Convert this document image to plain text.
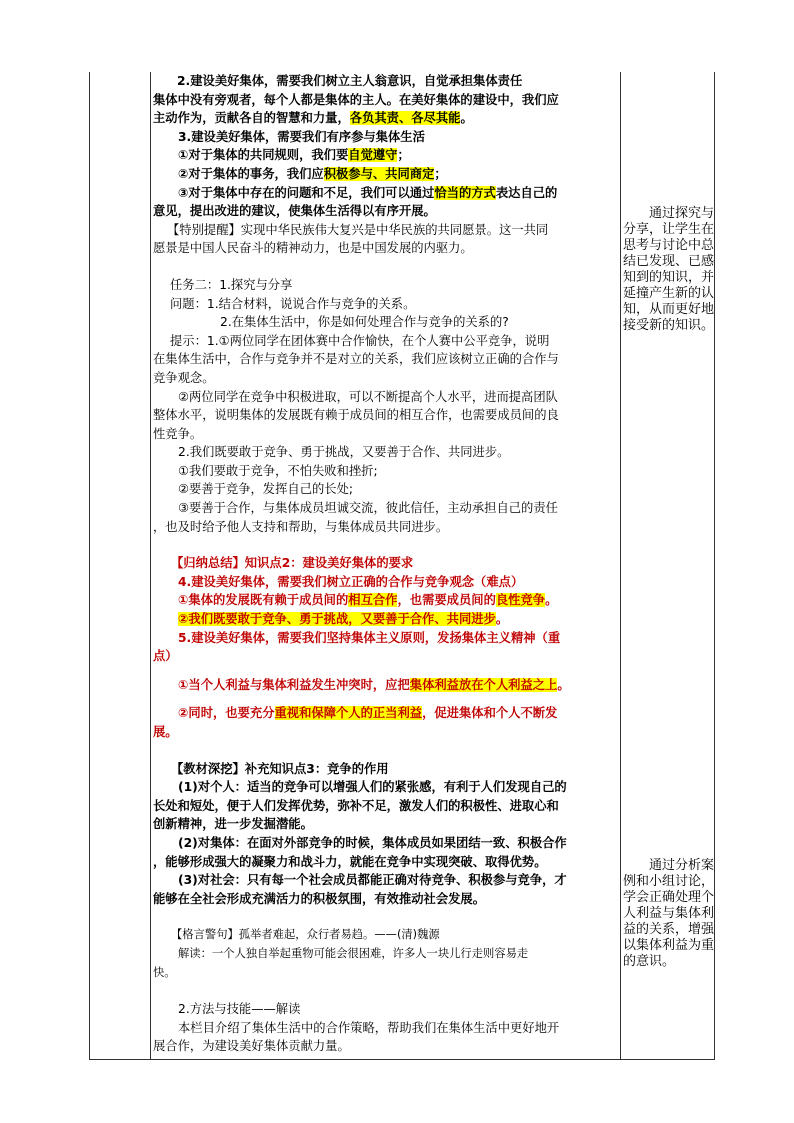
2.建设美好集体，需要我们树立主人翁意识，自觉承担集体责任
集体中没有旁观者，每个人都是集体的主人。在美好集体的建设中，我们应
主动作为，贡献各自的智慧和力量，各负其责、各尽其能。
3.建设美好集体，需要我们有序参与集体生活
①对于集体的共同规则，我们要自觉遵守；
②对于集体的事务，我们应积极参与、共同商定；
③对于集体中存在的问题和不足，我们可以通过恰当的方式表达自己的
意见，提出改进的建议，使集体生活得以有序开展。
【特别提醒】实现中华民族伟大复兴是中华民族的共同愿景。这一共同
愿景是中国人民奋斗的精神动力，也是中国发展的内驱力。
任务二：1.探究与分享
问题：1.结合材料，说说合作与竞争的关系。
2.在集体生活中，你是如何处理合作与竞争的关系的?
提示：1.①两位同学在团体赛中合作愉快，在个人赛中公平竞争，说明
在集体生活中，合作与竞争并不是对立的关系，我们应该树立正确的合作与
竞争观念。
②两位同学在竞争中积极进取，可以不断提高个人水平，进而提高团队
整体水平，说明集体的发展既有赖于成员间的相互合作，也需要成员间的良
性竞争。
2.我们既要敢于竞争、勇于挑战，又要善于合作、共同进步。
①我们要敢于竞争，不怕失败和挫折;
②要善于竞争，发挥自己的长处;
③要善于合作，与集体成员坦诚交流，彼此信任，主动承担自己的责任
，也及时给予他人支持和帮助，与集体成员共同进步。
【归纳总结】知识点2：建设美好集体的要求
4.建设美好集体，需要我们树立正确的合作与竞争观念（难点）
①集体的发展既有赖于成员间的相互合作，也需要成员间的良性竞争。
②我们既要敢于竞争、勇于挑战，又要善于合作、共同进步。
5.建设美好集体，需要我们坚持集体主义原则，发扬集体主义精神（重
点）
①当个人利益与集体利益发生冲突时，应把集体利益放在个人利益之上。
②同时，也要充分重视和保障个人的正当利益，促进集体和个人不断发
展。
【教材深挖】补充知识点3：竞争的作用
(1)对个人：适当的竞争可以增强人们的紧张感，有利于人们发现自己的
长处和短处，便于人们发挥优势，弥补不足，激发人们的积极性、进取心和
创新精神，进一步发掘潜能。
(2)对集体：在面对外部竞争的时候，集体成员如果团结一致、积极合作
，能够形成强大的凝聚力和战斗力，就能在竞争中实现突破、取得优势。
(3)对社会：只有每一个社会成员都能正确对待竞争、积极参与竞争，才
能够在全社会形成充满活力的积极氛围，有效推动社会发展。
【格言警句】孤举者难起，众行者易趋。——(清)魏源
解读：一个人独自举起重物可能会很困难，许多人一块儿行走则容易走
快。
2.方法与技能——解读
本栏目介绍了集体生活中的合作策略，帮助我们在集体生活中更好地开
展合作，为建设美好集体贡献力量。
通过探究与
分享，让学生在
思考与讨论中总
结已发现、已感
知到的知识，并
延撞产生新的认
知，从而更好地
接受新的知识。
通过分析案
例和小组讨论，
学会正确处理个
人利益与集体利
益的关系，增强
以集体利益为重
的意识。
